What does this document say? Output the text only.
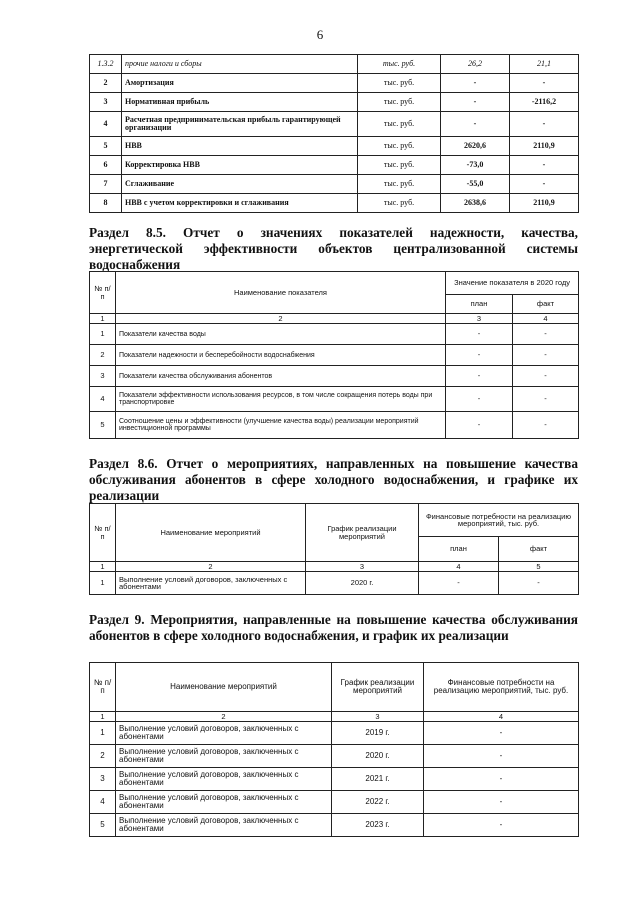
6
1.3.2	прочие налоги и сборы	тыс. руб.	26,2	21,1
2	Амортизация	тыс. руб.	-	-
3	Нормативная прибыль	тыс. руб.	-	-2116,2
4	Расчетная предпринимательская прибыль гарантирующей организации	тыс. руб.	-	-
5	НВВ	тыс. руб.	2620,6	2110,9
6	Корректировка НВВ	тыс. руб.	-73,0	-
7	Сглаживание	тыс. руб.	-55,0	-
8	НВВ с учетом корректировки и сглаживания	тыс. руб.	2638,6	2110,9
Раздел 8.5. Отчет о значениях показателей надежности, качества, энергетической эффективности объектов централизованной системы водоснабжения
№ п/п	Наименование показателя	Значение показателя в 2020 году	
		план	факт
1	2	3	4
1	Показатели качества воды	-	-
2	Показатели надежности и бесперебойности водоснабжения	-	-
3	Показатели качества обслуживания абонентов	-	-
4	Показатели эффективности использования ресурсов, в том числе сокращения потерь воды при транспортировке	-	-
5	Соотношение цены и эффективности (улучшение качества воды) реализации мероприятий инвестиционной программы	-	-
Раздел 8.6. Отчет о мероприятиях, направленных на повышение качества обслуживания абонентов в сфере холодного водоснабжения, и графике их реализации
№ п/п	Наименование мероприятий	График реализации мероприятий	Финансовые потребности на реализацию мероприятий, тыс. руб.	
			план	факт
1	2	3	4	5
1	Выполнение условий договоров, заключенных с абонентами	2020 г.	-	-
Раздел 9. Мероприятия, направленные на повышение качества обслуживания абонентов в сфере холодного водоснабжения, и график их реализации
№ п/п	Наименование мероприятий	График реализации мероприятий	Финансовые потребности на реализацию мероприятий, тыс. руб.
1	2	3	4
1	Выполнение условий договоров, заключенных с абонентами	2019 г.	-
2	Выполнение условий договоров, заключенных с абонентами	2020 г.	-
3	Выполнение условий договоров, заключенных с абонентами	2021 г.	-
4	Выполнение условий договоров, заключенных с абонентами	2022 г.	-
5	Выполнение условий договоров, заключенных с абонентами	2023 г.	-
